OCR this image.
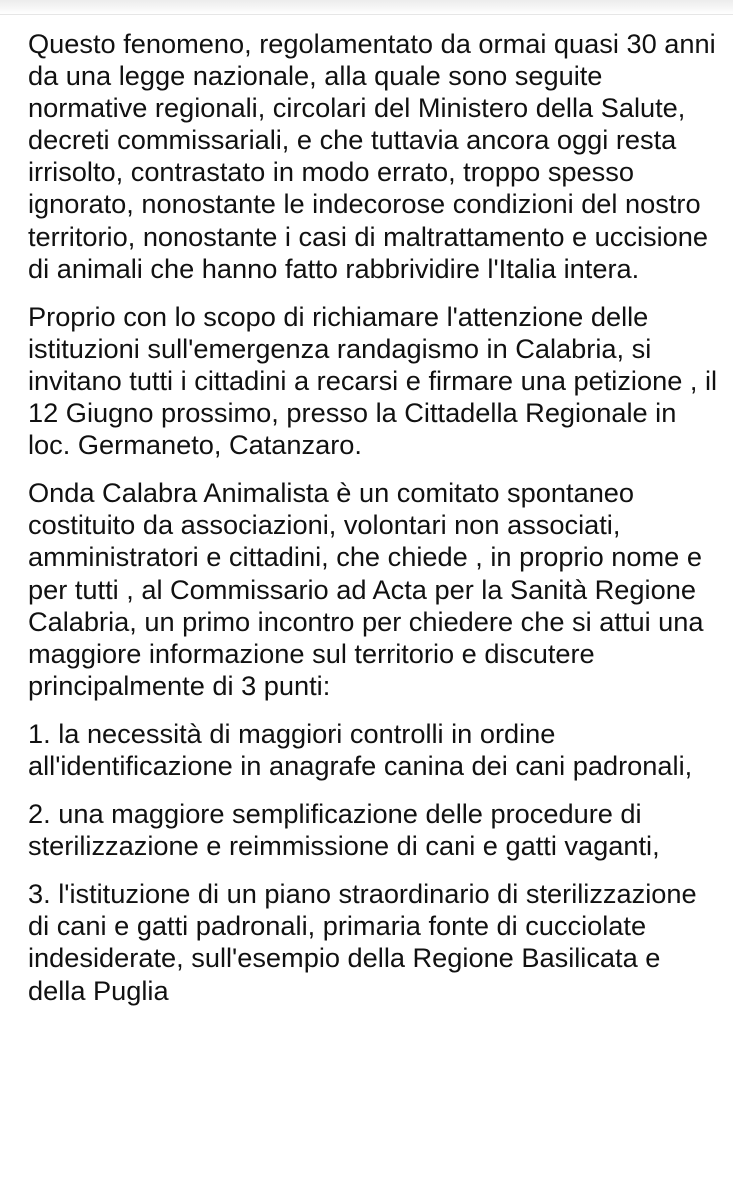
Questo fenomeno, regolamentato da ormai quasi 30 anni da una legge nazionale, alla quale sono seguite normative regionali, circolari del Ministero della Salute, decreti commissariali, e che tuttavia ancora oggi resta irrisolto, contrastato in modo errato, troppo spesso ignorato, nonostante le indecorose condizioni del nostro territorio, nonostante i casi di maltrattamento e uccisione di animali che hanno fatto rabbrividire l'Italia intera.

Proprio con lo scopo di richiamare l'attenzione delle istituzioni sull'emergenza randagismo in Calabria, si invitano tutti i cittadini a recarsi e firmare una petizione , il 12 Giugno prossimo, presso la Cittadella Regionale in loc. Germaneto, Catanzaro.

Onda Calabra Animalista è un comitato spontaneo costituito da associazioni, volontari non associati, amministratori e cittadini, che chiede , in proprio nome e per tutti , al Commissario ad Acta per la Sanità Regione Calabria, un primo incontro per chiedere che si attui una maggiore informazione sul territorio e discutere principalmente di 3 punti:

1. la necessità di maggiori controlli in ordine all'identificazione in anagrafe canina dei cani padronali,

2. una maggiore semplificazione delle procedure di sterilizzazione e reimmissione di cani e gatti vaganti,

3. l'istituzione di un piano straordinario di sterilizzazione di cani e gatti padronali, primaria fonte di cucciolate indesiderate, sull'esempio della Regione Basilicata e della Puglia
